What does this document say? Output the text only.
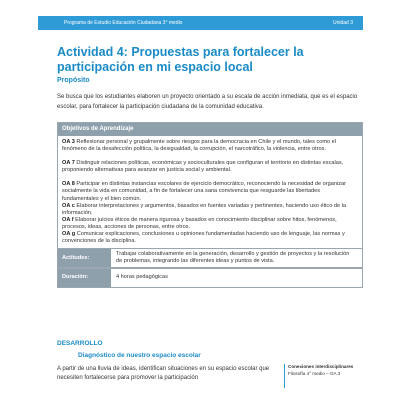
Programa de Estudio Educación Ciudadana 3° medio	Unidad 3
Actividad 4: Propuestas para fortalecer la participación en mi espacio local
Propósito
Se busca que los estudiantes elaboren un proyecto orientado a su escala de acción inmediata, que es el espacio escolar, para fortalecer la participación ciudadana de la comunidad educativa.
Objetivos de Aprendizaje
OA 3 Reflexionar personal y grupalmente sobre riesgos para la democracia en Chile y el mundo, tales como el fenómeno de la desafección política, la desigualdad, la corrupción, el narcotráfico, la violencia, entre otros.
OA 7 Distinguir relaciones políticas, económicas y socioculturales que configuran el territorio en distintas escalas, proponiendo alternativas para avanzar en justicia social y ambiental.
OA 8 Participar en distintas instancias escolares de ejercicio democrático, reconociendo la necesidad de organizar socialmente la vida en comunidad, a fin de fortalecer una sana convivencia que resguarde las libertades fundamentales y el bien común.
OA c Elaborar interpretaciones y argumentos, basados en fuentes variadas y pertinentes, haciendo uso ético de la información.
OA f Elaborar juicios éticos de manera rigurosa y basados en conocimiento disciplinar sobre hitos, fenómenos, procesos, ideas, acciones de personas, entre otros.
OA g Comunicar explicaciones, conclusiones u opiniones fundamentadas haciendo uso de lenguaje, las normas y convenciones de la disciplina.
Actitudes:
Trabajar colaborativamente en la generación, desarrollo y gestión de proyectos y la resolución de problemas, integrando las diferentes ideas y puntos de vista.
Duración:	4 horas pedagógicas
DESARROLLO
Diagnóstico de nuestro espacio escolar
A partir de una lluvia de ideas, identifican situaciones en su espacio escolar que necesiten fortalecerse para promover la participación
Conexiones interdisciplinares
Filosofía 4° medio – OA 3
